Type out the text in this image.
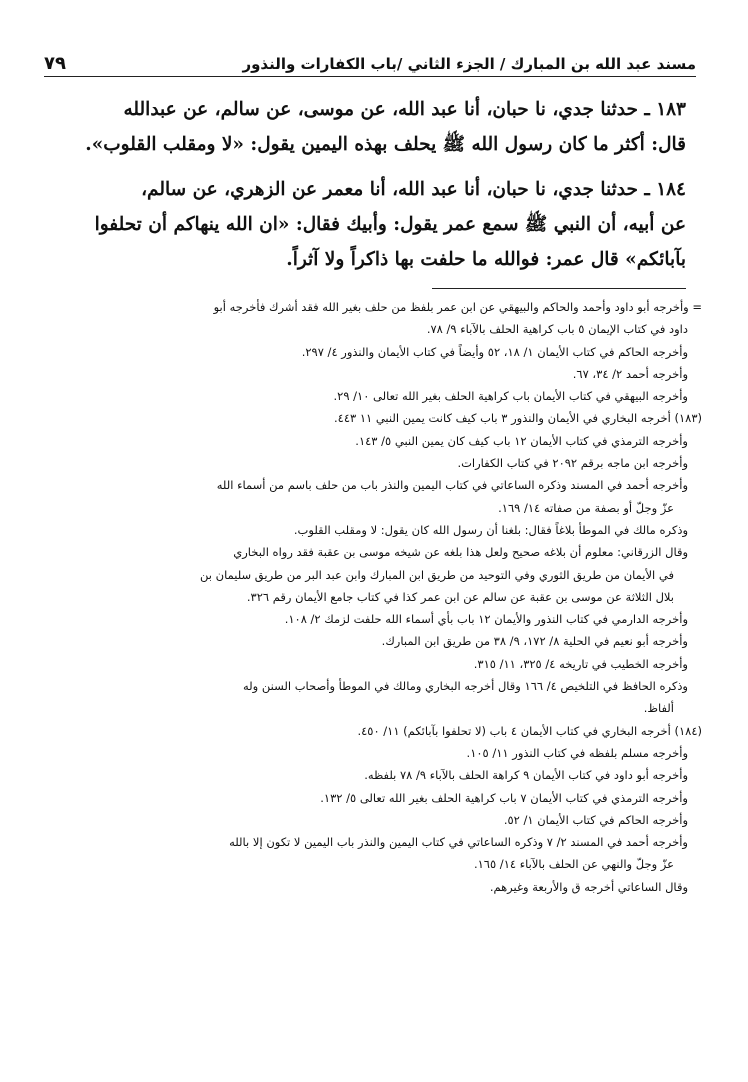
مسند عبد الله بن المبارك / الجزء الثاني /باب الكفارات والنذور
٧٩

١٨٣ ـ حدثنا جدي، نا حبان، أنا عبد الله، عن موسى، عن سالم، عن عبدالله

قال: أكثر ما كان رسول الله ﷺ يحلف بهذه اليمين يقول: «لا ومقلب القلوب».

١٨٤ ـ حدثنا جدي، نا حبان، أنا عبد الله، أنا معمر عن الزهري، عن سالم،

عن أبيه، أن النبي ﷺ سمع عمر يقول: وأبيك فقال: «ان الله ينهاكم أن تحلفوا

بآبائكم» قال عمر: فوالله ما حلفت بها ذاكراً ولا آثراً.

= وأخرجه أبو داود وأحمد والحاكم والبيهقي عن ابن عمر بلفظ من حلف بغير الله فقد أشرك فأخرجه أبو
داود في كتاب الإيمان ٥ باب كراهية الحلف بالآباء ٩/ ٧٨.
وأخرجه الحاكم في كتاب الأيمان ١/ ١٨، ٥٢ وأيضاً في كتاب الأيمان والنذور ٤/ ٢٩٧.
وأخرجه أحمد ٢/ ٣٤، ٦٧.
وأخرجه البيهقي في كتاب الأيمان باب كراهية الحلف بغير الله تعالى ١٠/ ٢٩.
(١٨٣) أخرجه البخاري في الأيمان والنذور ٣ باب كيف كانت يمين النبي ١١ ٤٤٣.
وأخرجه الترمذي في كتاب الأيمان ١٢ باب كيف كان يمين النبي ٥/ ١٤٣.
وأخرجه ابن ماجه برقم ٢٠٩٢ في كتاب الكفارات.
وأخرجه أحمد في المسند وذكره الساعاتي في كتاب اليمين والنذر باب من حلف باسم من أسماء الله
عزّ وجلّ أو بصفة من صفاته ١٤/ ١٦٩.
وذكره مالك في الموطأ بلاغاً فقال: بلغنا أن رسول الله كان يقول: لا ومقلب القلوب.
وقال الزرقاني: معلوم أن بلاغه صحيح ولعل هذا بلغه عن شيخه موسى بن عقبة فقد رواه البخاري
في الأيمان من طريق الثوري وفي التوحيد من طريق ابن المبارك وابن عبد البر من طريق سليمان بن
بلال الثلاثة عن موسى بن عقبة عن سالم عن ابن عمر كذا في كتاب جامع الأيمان رقم ٣٢٦.
وأخرجه الدارمي في كتاب النذور والأيمان ١٢ باب بأي أسماء الله حلفت لزمك ٢/ ١٠٨.
وأخرجه أبو نعيم في الحلية ٨/ ١٧٢، ٩/ ٣٨ من طريق ابن المبارك.
وأخرجه الخطيب في تاريخه ٤/ ٣٢٥، ١١/ ٣١٥.
وذكره الحافظ في التلخيص ٤/ ١٦٦ وقال أخرجه البخاري ومالك في الموطأ وأصحاب السنن وله
ألفاظ.
(١٨٤) أخرجه البخاري في كتاب الأيمان ٤ باب (لا تحلفوا بآبائكم) ١١/ ٤٥٠.
وأخرجه مسلم بلفظه في كتاب النذور ١١/ ١٠٥.
وأخرجه أبو داود في كتاب الأيمان ٩ كراهة الحلف بالآباء ٩/ ٧٨ بلفظه.
وأخرجه الترمذي في كتاب الأيمان ٧ باب كراهية الحلف بغير الله تعالى ٥/ ١٣٢.
وأخرجه الحاكم في كتاب الأيمان ١/ ٥٢.
وأخرجه أحمد في المسند ٢/ ٧ وذكره الساعاتي في كتاب اليمين والنذر باب اليمين لا تكون إلا بالله
عزّ وجلّ والنهي عن الحلف بالآباء ١٤/ ١٦٥.
وقال الساعاتي أخرجه ق والأربعة وغيرهم.
